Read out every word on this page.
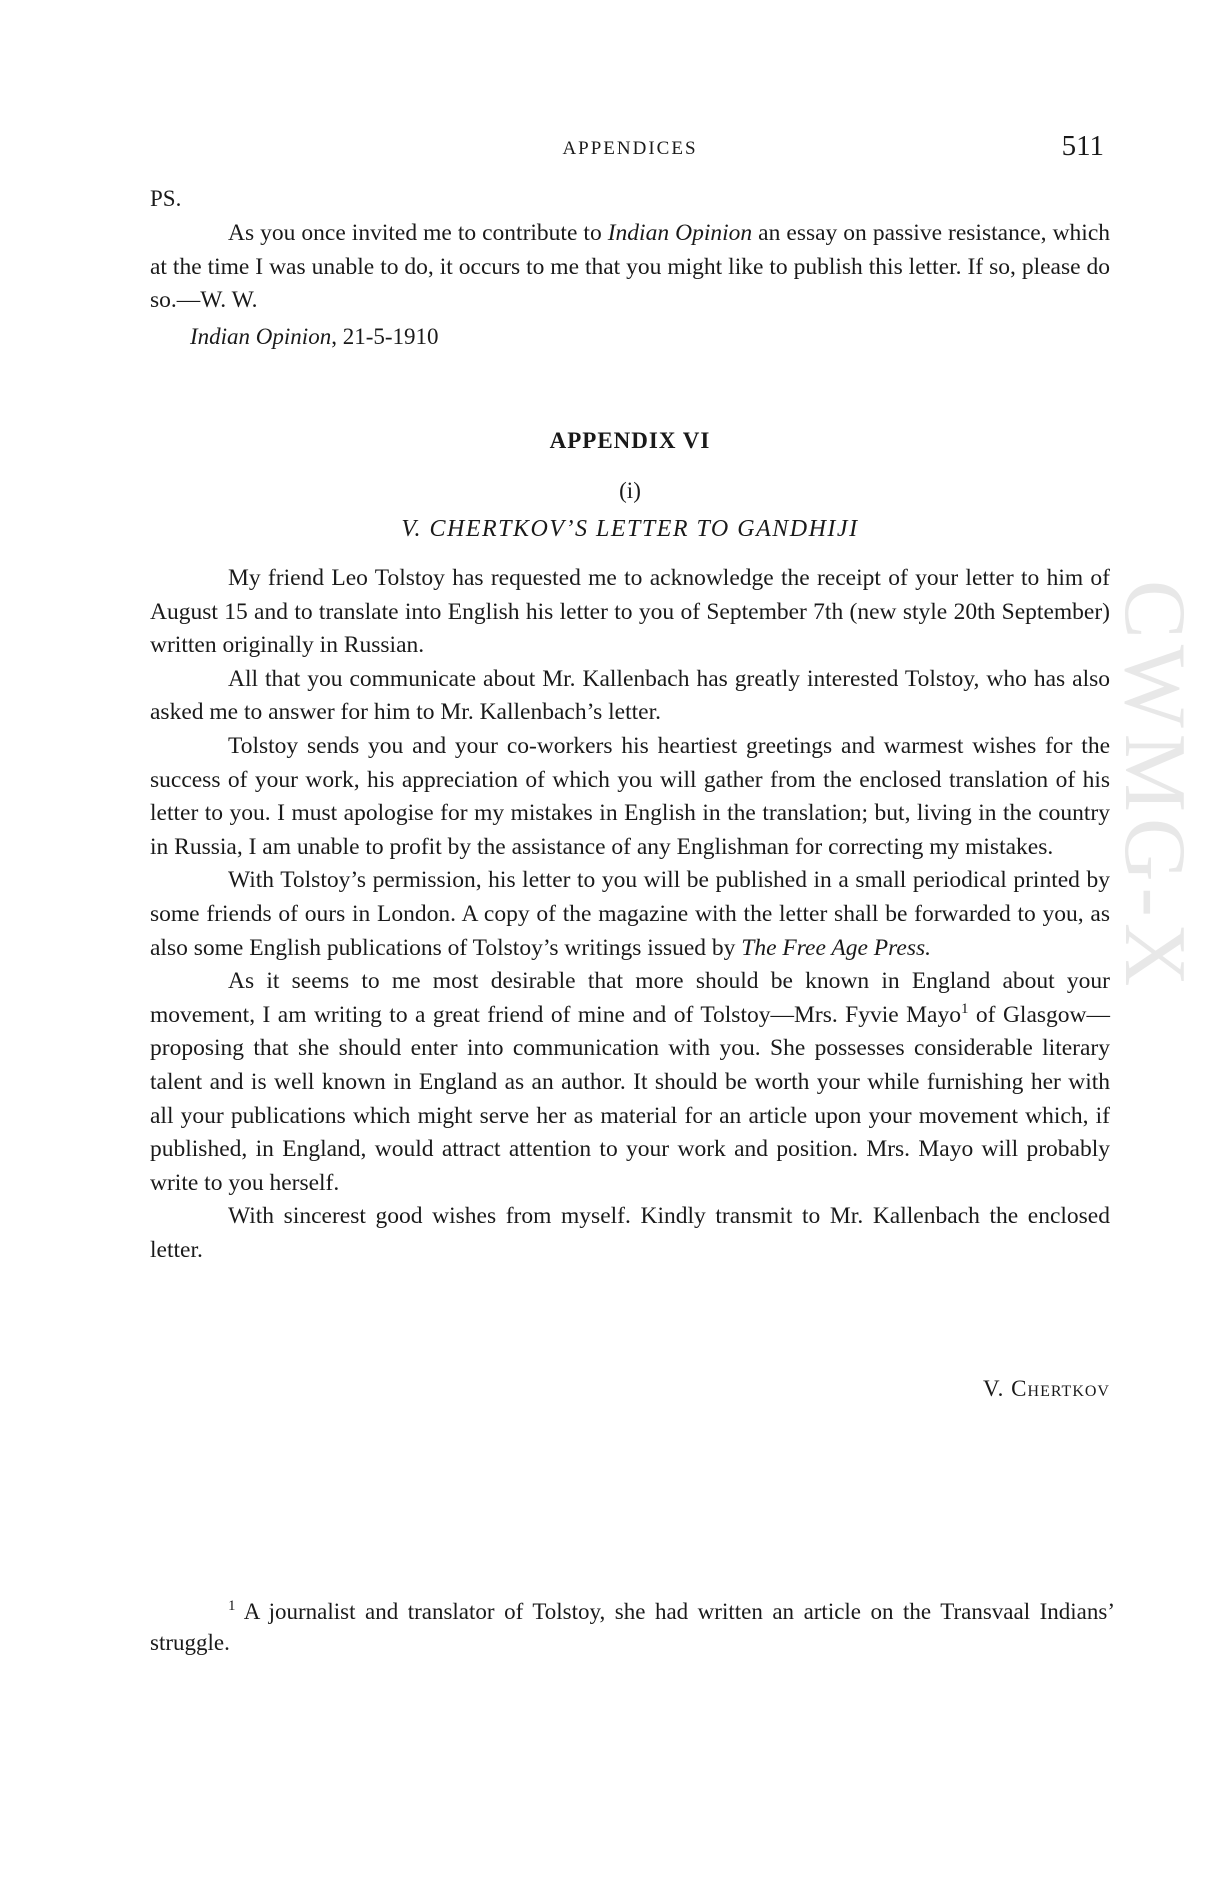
CWMG-X
APPENDICES	511
PS.

As you once invited me to contribute to Indian Opinion an essay on passive resistance, which at the time I was unable to do, it occurs to me that you might like to publish this letter. If so, please do so.—W. W.

Indian Opinion, 21-5-1910
APPENDIX VI
(i)
V. CHERTKOV’S LETTER TO GANDHIJI

My friend Leo Tolstoy has requested me to acknowledge the receipt of your letter to him of August 15 and to translate into English his letter to you of September 7th (new style 20th September) written originally in Russian.

All that you communicate about Mr. Kallenbach has greatly interested Tolstoy, who has also asked me to answer for him to Mr. Kallenbach’s letter.

Tolstoy sends you and your co-workers his heartiest greetings and warmest wishes for the success of your work, his appreciation of which you will gather from the enclosed translation of his letter to you. I must apologise for my mistakes in English in the translation; but, living in the country in Russia, I am unable to profit by the assistance of any Englishman for correcting my mistakes.

With Tolstoy’s permission, his letter to you will be published in a small periodical printed by some friends of ours in London. A copy of the magazine with the letter shall be forwarded to you, as also some English publications of Tolstoy’s writings issued by The Free Age Press.

As it seems to me most desirable that more should be known in England about your movement, I am writing to a great friend of mine and of Tolstoy—Mrs. Fyvie Mayo$^1$ of Glasgow—proposing that she should enter into communication with you. She possesses considerable literary talent and is well known in England as an author. It should be worth your while furnishing her with all your publications which might serve her as material for an article upon your movement which, if published, in England, would attract attention to your work and position. Mrs. Mayo will probably write to you herself.

With sincerest good wishes from myself. Kindly transmit to Mr. Kallenbach the enclosed letter.

V. Chertkov

$^1$ A journalist and translator of Tolstoy, she had written an article on the Transvaal Indians’ struggle.
